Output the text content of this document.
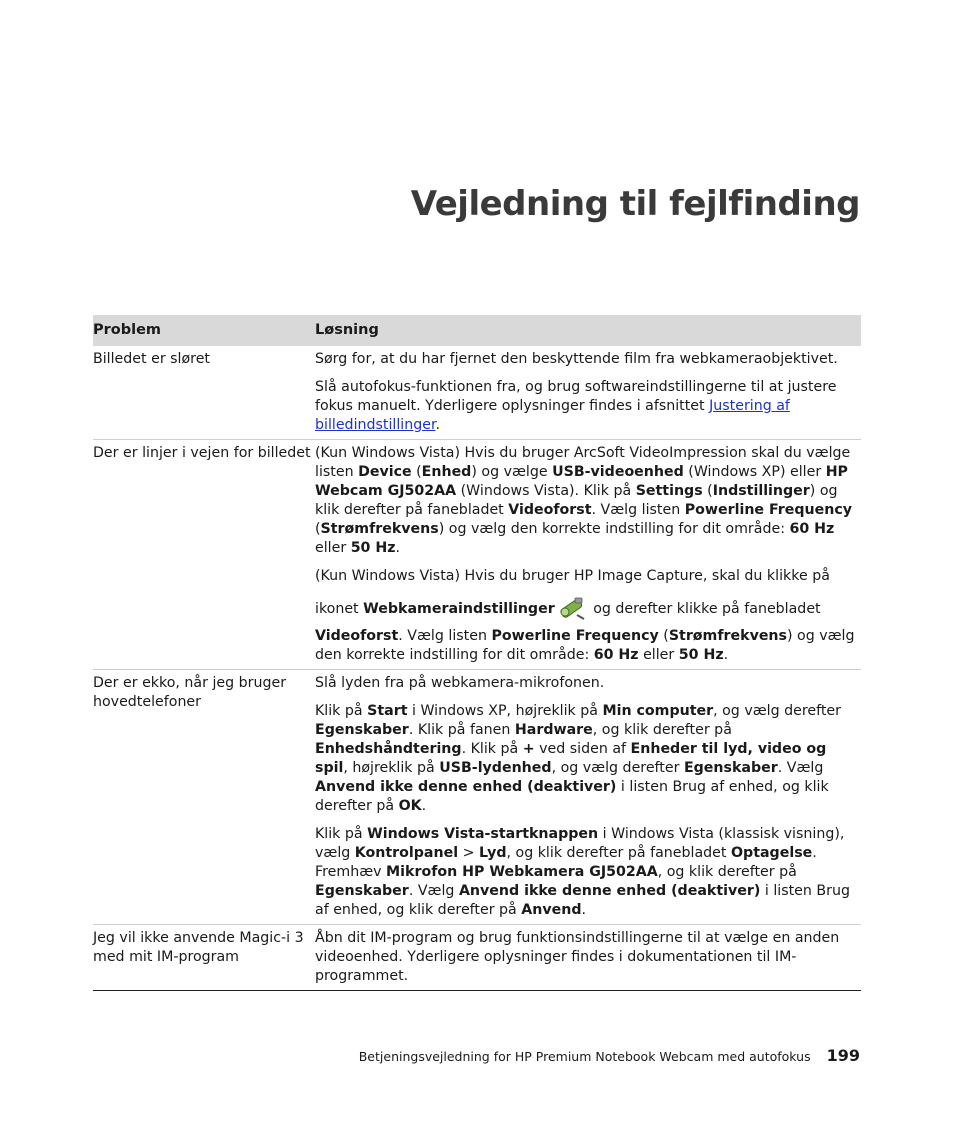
Vejledning til fejlfinding
Problem	Løsning

Billedet er sløret	Sørg for, at du har fjernet den beskyttende film fra webkameraobjektivet.

Slå autofokus-funktionen fra, og brug softwareindstillingerne til at justere fokus manuelt. Yderligere oplysninger findes i afsnittet Justering af billedindstillinger.

Der er linjer i vejen for billedet (Kun Windows Vista) Hvis du bruger ArcSoft VideoImpression skal du vælge listen Device (Enhed) og vælge USB-videoenhed (Windows XP) eller HP Webcam GJ502AA (Windows Vista). Klik på Settings (Indstillinger) og klik derefter på fanebladet Videoforst. Vælg listen Powerline Frequency (Strømfrekvens) og vælg den korrekte indstilling for dit område: 60 Hz eller 50 Hz.

(Kun Windows Vista) Hvis du bruger HP Image Capture, skal du klikke på

ikonet Webkameraindstillinger og derefter klikke på fanebladet Videoforst. Vælg listen Powerline Frequency (Strømfrekvens) og vælg den korrekte indstilling for dit område: 60 Hz eller 50 Hz.

Der er ekko, når jeg bruger hovedtelefoner

Slå lyden fra på webkamera-mikrofonen.

Klik på Start i Windows XP, højreklik på Min computer, og vælg derefter Egenskaber. Klik på fanen Hardware, og klik derefter på Enhedshåndtering. Klik på + ved siden af Enheder til lyd, video og spil, højreklik på USB-lydenhed, og vælg derefter Egenskaber. Vælg Anvend ikke denne enhed (deaktiver) i listen Brug af enhed, og klik derefter på OK.

Klik på Windows Vista-startknappen i Windows Vista (klassisk visning), vælg Kontrolpanel > Lyd, og klik derefter på fanebladet Optagelse. Fremhæv Mikrofon HP Webkamera GJ502AA, og klik derefter på Egenskaber. Vælg Anvend ikke denne enhed (deaktiver) i listen Brug af enhed, og klik derefter på Anvend.

Jeg vil ikke anvende Magic-i 3 med mit IM-program

Åbn dit IM-program og brug funktionsindstillingerne til at vælge en anden videoenhed. Yderligere oplysninger findes i dokumentationen til IM-programmet.

Betjeningsvejledning for HP Premium Notebook Webcam med autofokus 199
